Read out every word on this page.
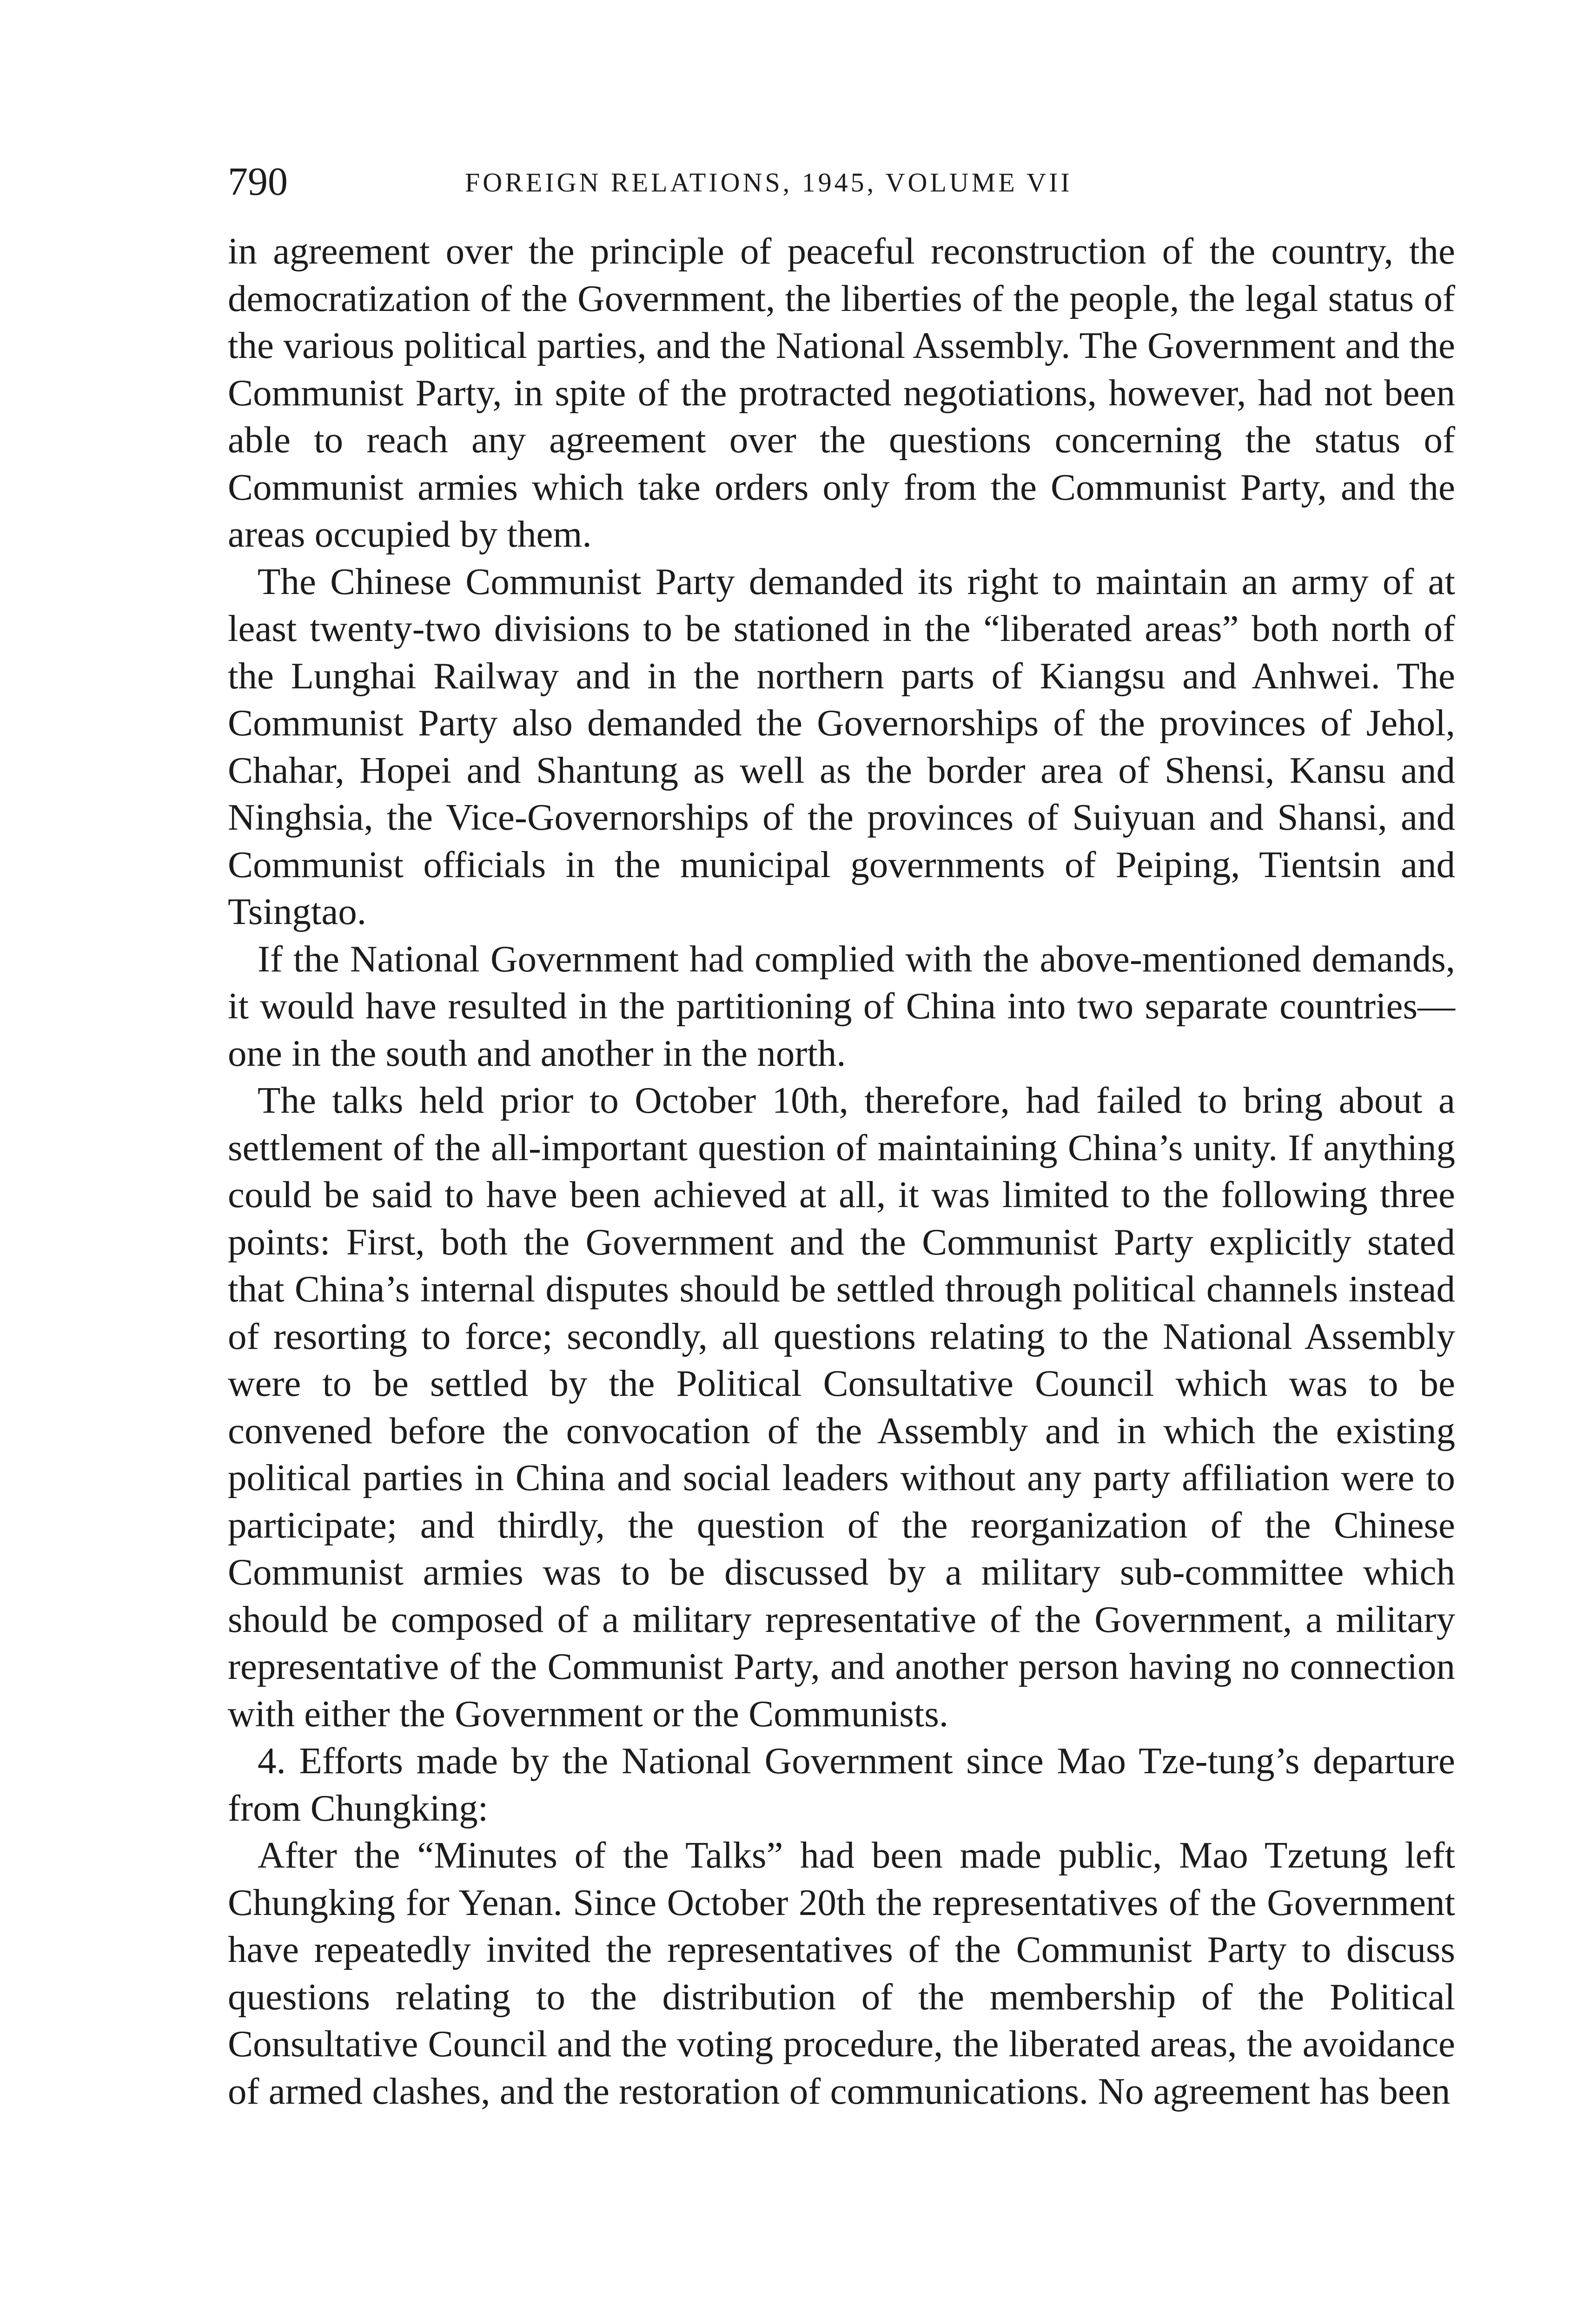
790	FOREIGN RELATIONS, 1945, VOLUME VII

in agreement over the principle of peaceful reconstruction of the country, the democratization of the Government, the liberties of the people, the legal status of the various political parties, and the National Assembly. The Government and the Communist Party, in spite of the protracted negotiations, however, had not been able to reach any agreement over the questions concerning the status of Communist armies which take orders only from the Communist Party, and the areas occupied by them.

The Chinese Communist Party demanded its right to maintain an army of at least twenty-two divisions to be stationed in the “liberated areas” both north of the Lunghai Railway and in the northern parts of Kiangsu and Anhwei. The Communist Party also demanded the Governorships of the provinces of Jehol, Chahar, Hopei and Shantung as well as the border area of Shensi, Kansu and Ninghsia, the Vice-Governorships of the provinces of Suiyuan and Shansi, and Communist officials in the municipal governments of Peiping, Tientsin and Tsingtao.

If the National Government had complied with the above-mentioned demands, it would have resulted in the partitioning of China into two separate countries—one in the south and another in the north.

The talks held prior to October 10th, therefore, had failed to bring about a settlement of the all-important question of maintaining China’s unity. If anything could be said to have been achieved at all, it was limited to the following three points: First, both the Government and the Communist Party explicitly stated that China’s internal disputes should be settled through political channels instead of resorting to force; secondly, all questions relating to the National Assembly were to be settled by the Political Consultative Council which was to be convened before the convocation of the Assembly and in which the existing political parties in China and social leaders without any party affiliation were to participate; and thirdly, the question of the reorganization of the Chinese Communist armies was to be discussed by a military sub-committee which should be composed of a military representative of the Government, a military representative of the Communist Party, and another person having no connection with either the Government or the Communists.

4. Efforts made by the National Government since Mao Tze-tung’s departure from Chungking:

After the “Minutes of the Talks” had been made public, Mao Tzetung left Chungking for Yenan. Since October 20th the representatives of the Government have repeatedly invited the representatives of the Communist Party to discuss questions relating to the distribution of the membership of the Political Consultative Council and the voting procedure, the liberated areas, the avoidance of armed clashes, and the restoration of communications. No agreement has been
